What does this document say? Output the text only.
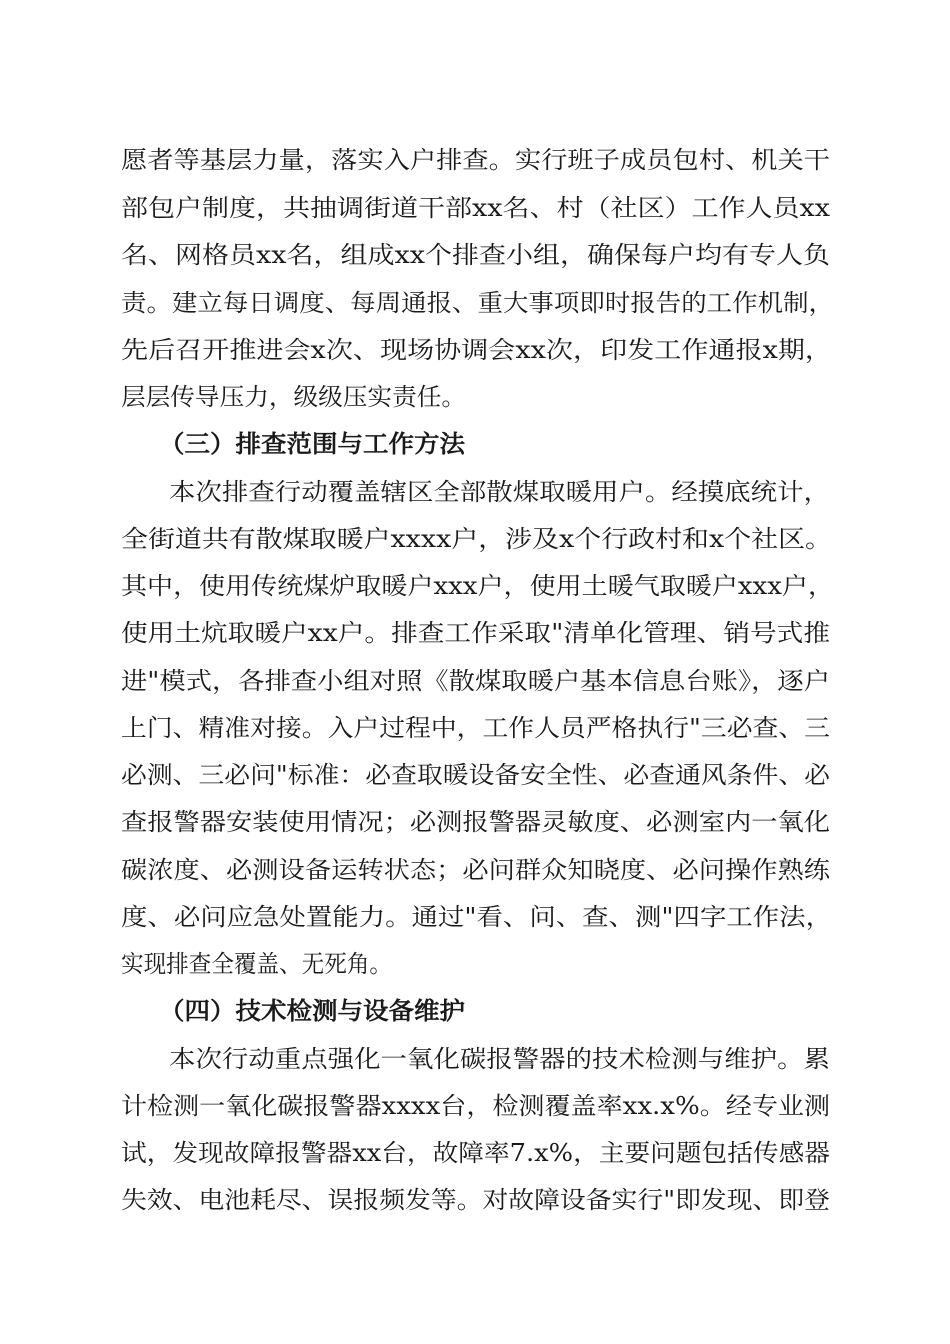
愿者等基层力量，落实入户排查。实行班子成员包村、机关干
部包户制度，共抽调街道干部xx名、村（社区）工作人员xx
名、网格员xx名，组成xx个排查小组，确保每户均有专人负
责。建立每日调度、每周通报、重大事项即时报告的工作机制，
先后召开推进会x次、现场协调会xx次，印发工作通报x期，
层层传导压力，级级压实责任。
（三）排查范围与工作方法
本次排查行动覆盖辖区全部散煤取暖用户。经摸底统计，
全街道共有散煤取暖户xxxx户，涉及x个行政村和x个社区。
其中，使用传统煤炉取暖户xxx户，使用土暖气取暖户xxx户，
使用土炕取暖户xx户。排查工作采取"清单化管理、销号式推
进"模式，各排查小组对照《散煤取暖户基本信息台账》，逐户
上门、精准对接。入户过程中，工作人员严格执行"三必查、三
必测、三必问"标准：必查取暖设备安全性、必查通风条件、必
查报警器安装使用情况；必测报警器灵敏度、必测室内一氧化
碳浓度、必测设备运转状态；必问群众知晓度、必问操作熟练
度、必问应急处置能力。通过"看、问、查、测"四字工作法，
实现排查全覆盖、无死角。
（四）技术检测与设备维护
本次行动重点强化一氧化碳报警器的技术检测与维护。累
计检测一氧化碳报警器xxxx台，检测覆盖率xx.x%。经专业测
试，发现故障报警器xx台，故障率7.x%，主要问题包括传感器
失效、电池耗尽、误报频发等。对故障设备实行"即发现、即登
